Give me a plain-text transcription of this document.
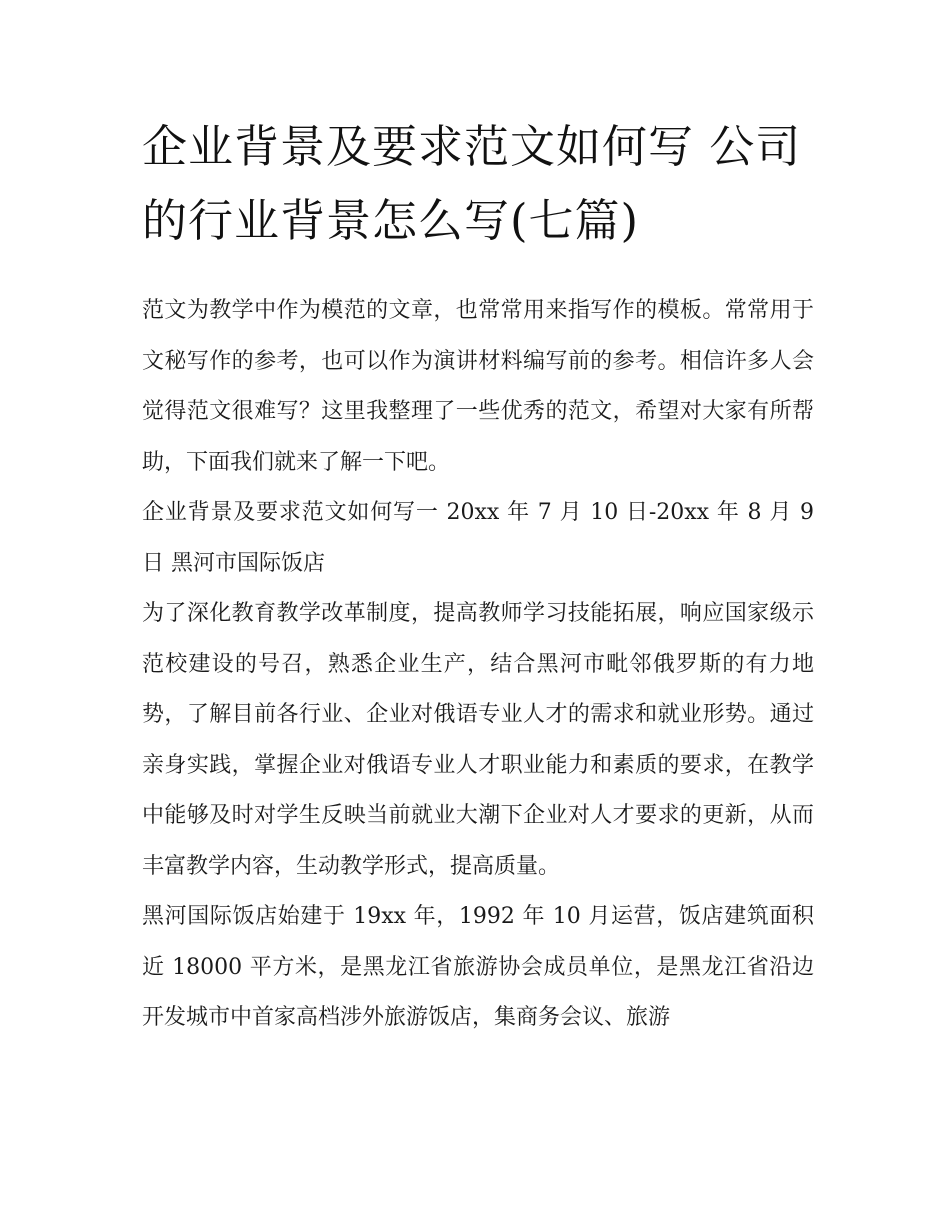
企业背景及要求范文如何写 公司的行业背景怎么写(七篇)

范文为教学中作为模范的文章，也常常用来指写作的模板。常常用于文秘写作的参考，也可以作为演讲材料编写前的参考。相信许多人会觉得范文很难写？这里我整理了一些优秀的范文，希望对大家有所帮助，下面我们就来了解一下吧。

企业背景及要求范文如何写一 20xx 年 7 月 10 日-20xx 年 8 月 9 日 黑河市国际饭店

为了深化教育教学改革制度，提高教师学习技能拓展，响应国家级示范校建设的号召，熟悉企业生产，结合黑河市毗邻俄罗斯的有力地势，了解目前各行业、企业对俄语专业人才的需求和就业形势。通过亲身实践，掌握企业对俄语专业人才职业能力和素质的要求，在教学中能够及时对学生反映当前就业大潮下企业对人才要求的更新，从而丰富教学内容，生动教学形式，提高质量。

黑河国际饭店始建于 19xx 年，1992 年 10 月运营，饭店建筑面积近 18000 平方米，是黑龙江省旅游协会成员单位，是黑龙江省沿边开发城市中首家高档涉外旅游饭店，集商务会议、旅游
